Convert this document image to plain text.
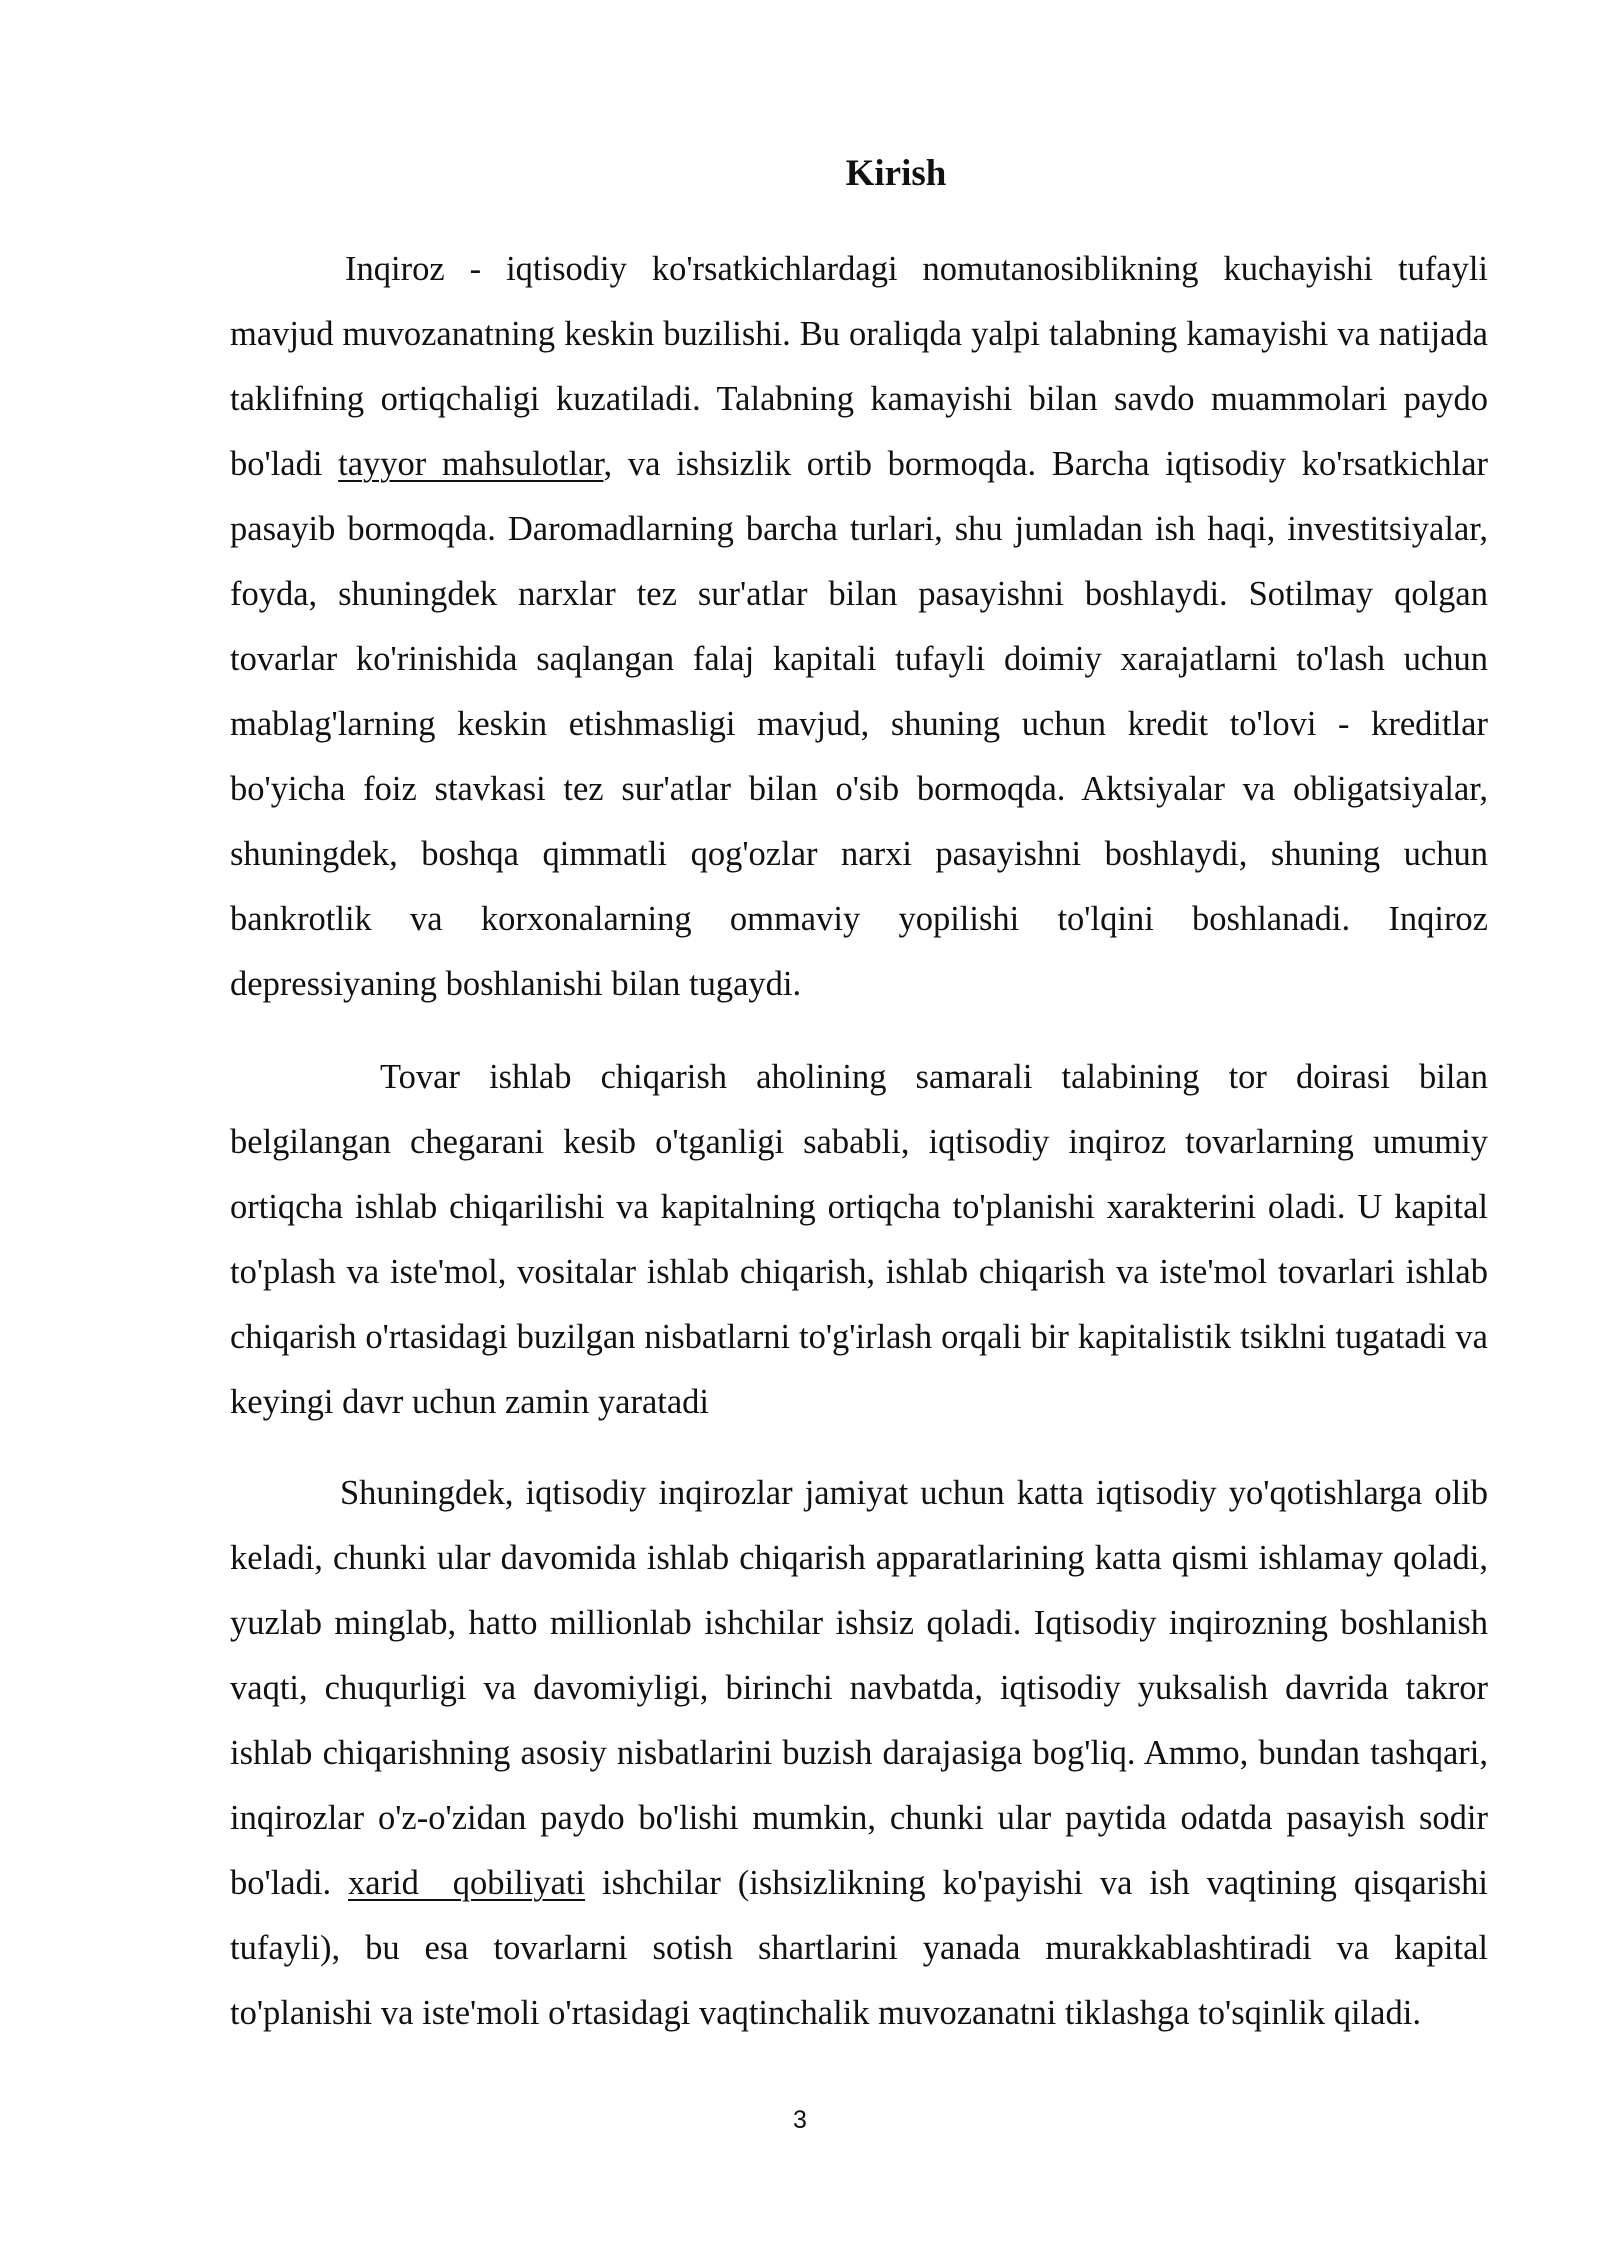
Kirish

Inqiroz - iqtisodiy ko'rsatkichlardagi nomutanosiblikning kuchayishi tufayli mavjud muvozanatning keskin buzilishi. Bu oraliqda yalpi talabning kamayishi va natijada taklifning ortiqchaligi kuzatiladi. Talabning kamayishi bilan savdo muammolari paydo bo'ladi tayyor mahsulotlar, va ishsizlik ortib bormoqda. Barcha iqtisodiy ko'rsatkichlar pasayib bormoqda. Daromadlarning barcha turlari, shu jumladan ish haqi, investitsiyalar, foyda, shuningdek narxlar tez sur'atlar bilan pasayishni boshlaydi. Sotilmay qolgan tovarlar ko'rinishida saqlangan falaj kapitali tufayli doimiy xarajatlarni to'lash uchun mablag'larning keskin etishmasligi mavjud, shuning uchun kredit to'lovi - kreditlar bo'yicha foiz stavkasi tez sur'atlar bilan o'sib bormoqda. Aktsiyalar va obligatsiyalar, shuningdek, boshqa qimmatli qog'ozlar narxi pasayishni boshlaydi, shuning uchun bankrotlik va korxonalarning ommaviy yopilishi to'lqini boshlanadi. Inqiroz depressiyaning boshlanishi bilan tugaydi.

Tovar ishlab chiqarish aholining samarali talabining tor doirasi bilan belgilangan chegarani kesib o'tganligi sababli, iqtisodiy inqiroz tovarlarning umumiy ortiqcha ishlab chiqarilishi va kapitalning ortiqcha to'planishi xarakterini oladi. U kapital to'plash va iste'mol, vositalar ishlab chiqarish, ishlab chiqarish va iste'mol tovarlari ishlab chiqarish o'rtasidagi buzilgan nisbatlarni to'g'irlash orqali bir kapitalistik tsiklni tugatadi va keyingi davr uchun zamin yaratadi

Shuningdek, iqtisodiy inqirozlar jamiyat uchun katta iqtisodiy yo'qotishlarga olib keladi, chunki ular davomida ishlab chiqarish apparatlarining katta qismi ishlamay qoladi, yuzlab minglab, hatto millionlab ishchilar ishsiz qoladi. Iqtisodiy inqirozning boshlanish vaqti, chuqurligi va davomiyligi, birinchi navbatda, iqtisodiy yuksalish davrida takror ishlab chiqarishning asosiy nisbatlarini buzish darajasiga bog'liq. Ammo, bundan tashqari, inqirozlar o'z-o'zidan paydo bo'lishi mumkin, chunki ular paytida odatda pasayish sodir bo'ladi. xarid  qobiliyati ishchilar (ishsizlikning ko'payishi va ish vaqtining qisqarishi tufayli), bu esa tovarlarni sotish shartlarini yanada murakkablashtiradi va kapital to'planishi va iste'moli o'rtasidagi vaqtinchalik muvozanatni tiklashga to'sqinlik qiladi.

3
